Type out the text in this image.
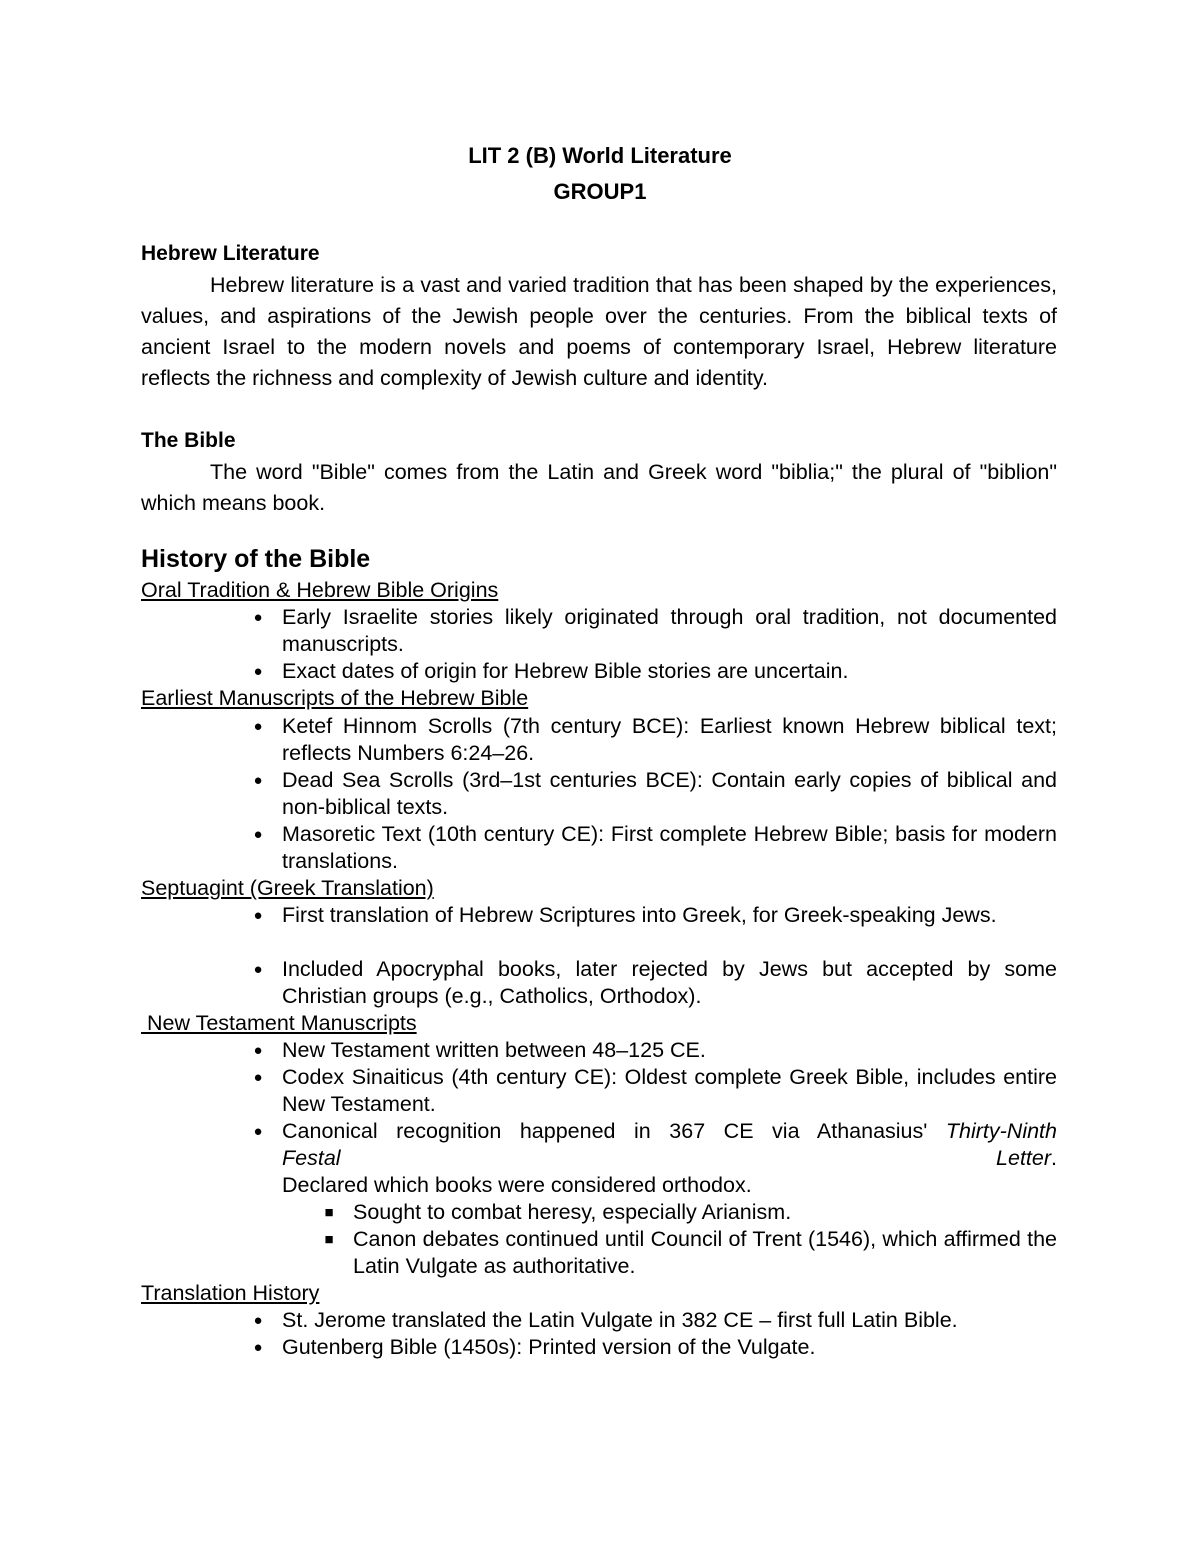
LIT 2 (B) World Literature
GROUP1
Hebrew Literature

Hebrew literature is a vast and varied tradition that has been shaped by the experiences, values, and aspirations of the Jewish people over the centuries. From the biblical texts of ancient Israel to the modern novels and poems of contemporary Israel, Hebrew literature reflects the richness and complexity of Jewish culture and identity.

The Bible

The word "Bible" comes from the Latin and Greek word "biblia;" the plural of "biblion" which means book.

History of the Bible
Oral Tradition & Hebrew Bible Origins

● Early Israelite stories likely originated through oral tradition, not documented manuscripts.

● Exact dates of origin for Hebrew Bible stories are uncertain.

Earliest Manuscripts of the Hebrew Bible

● Ketef Hinnom Scrolls (7th century BCE): Earliest known Hebrew biblical text; reflects Numbers 6:24–26.

● Dead Sea Scrolls (3rd–1st centuries BCE): Contain early copies of biblical and non-biblical texts.

● Masoretic Text (10th century CE): First complete Hebrew Bible; basis for modern translations.

Septuagint (Greek Translation)

● First translation of Hebrew Scriptures into Greek, for Greek-speaking Jews.

● Included Apocryphal books, later rejected by Jews but accepted by some Christian groups (e.g., Catholics, Orthodox).

New Testament Manuscripts

● New Testament written between 48–125 CE.

● Codex Sinaiticus (4th century CE): Oldest complete Greek Bible, includes entire New Testament.

● Canonical recognition happened in 367 CE via Athanasius' Thirty-Ninth
Festal	Letter.
Declared which books were considered orthodox.

■ Sought to combat heresy, especially Arianism.

■ Canon debates continued until Council of Trent (1546), which affirmed the Latin Vulgate as authoritative.

Translation History

● St. Jerome translated the Latin Vulgate in 382 CE – first full Latin Bible.

● Gutenberg Bible (1450s): Printed version of the Vulgate.
